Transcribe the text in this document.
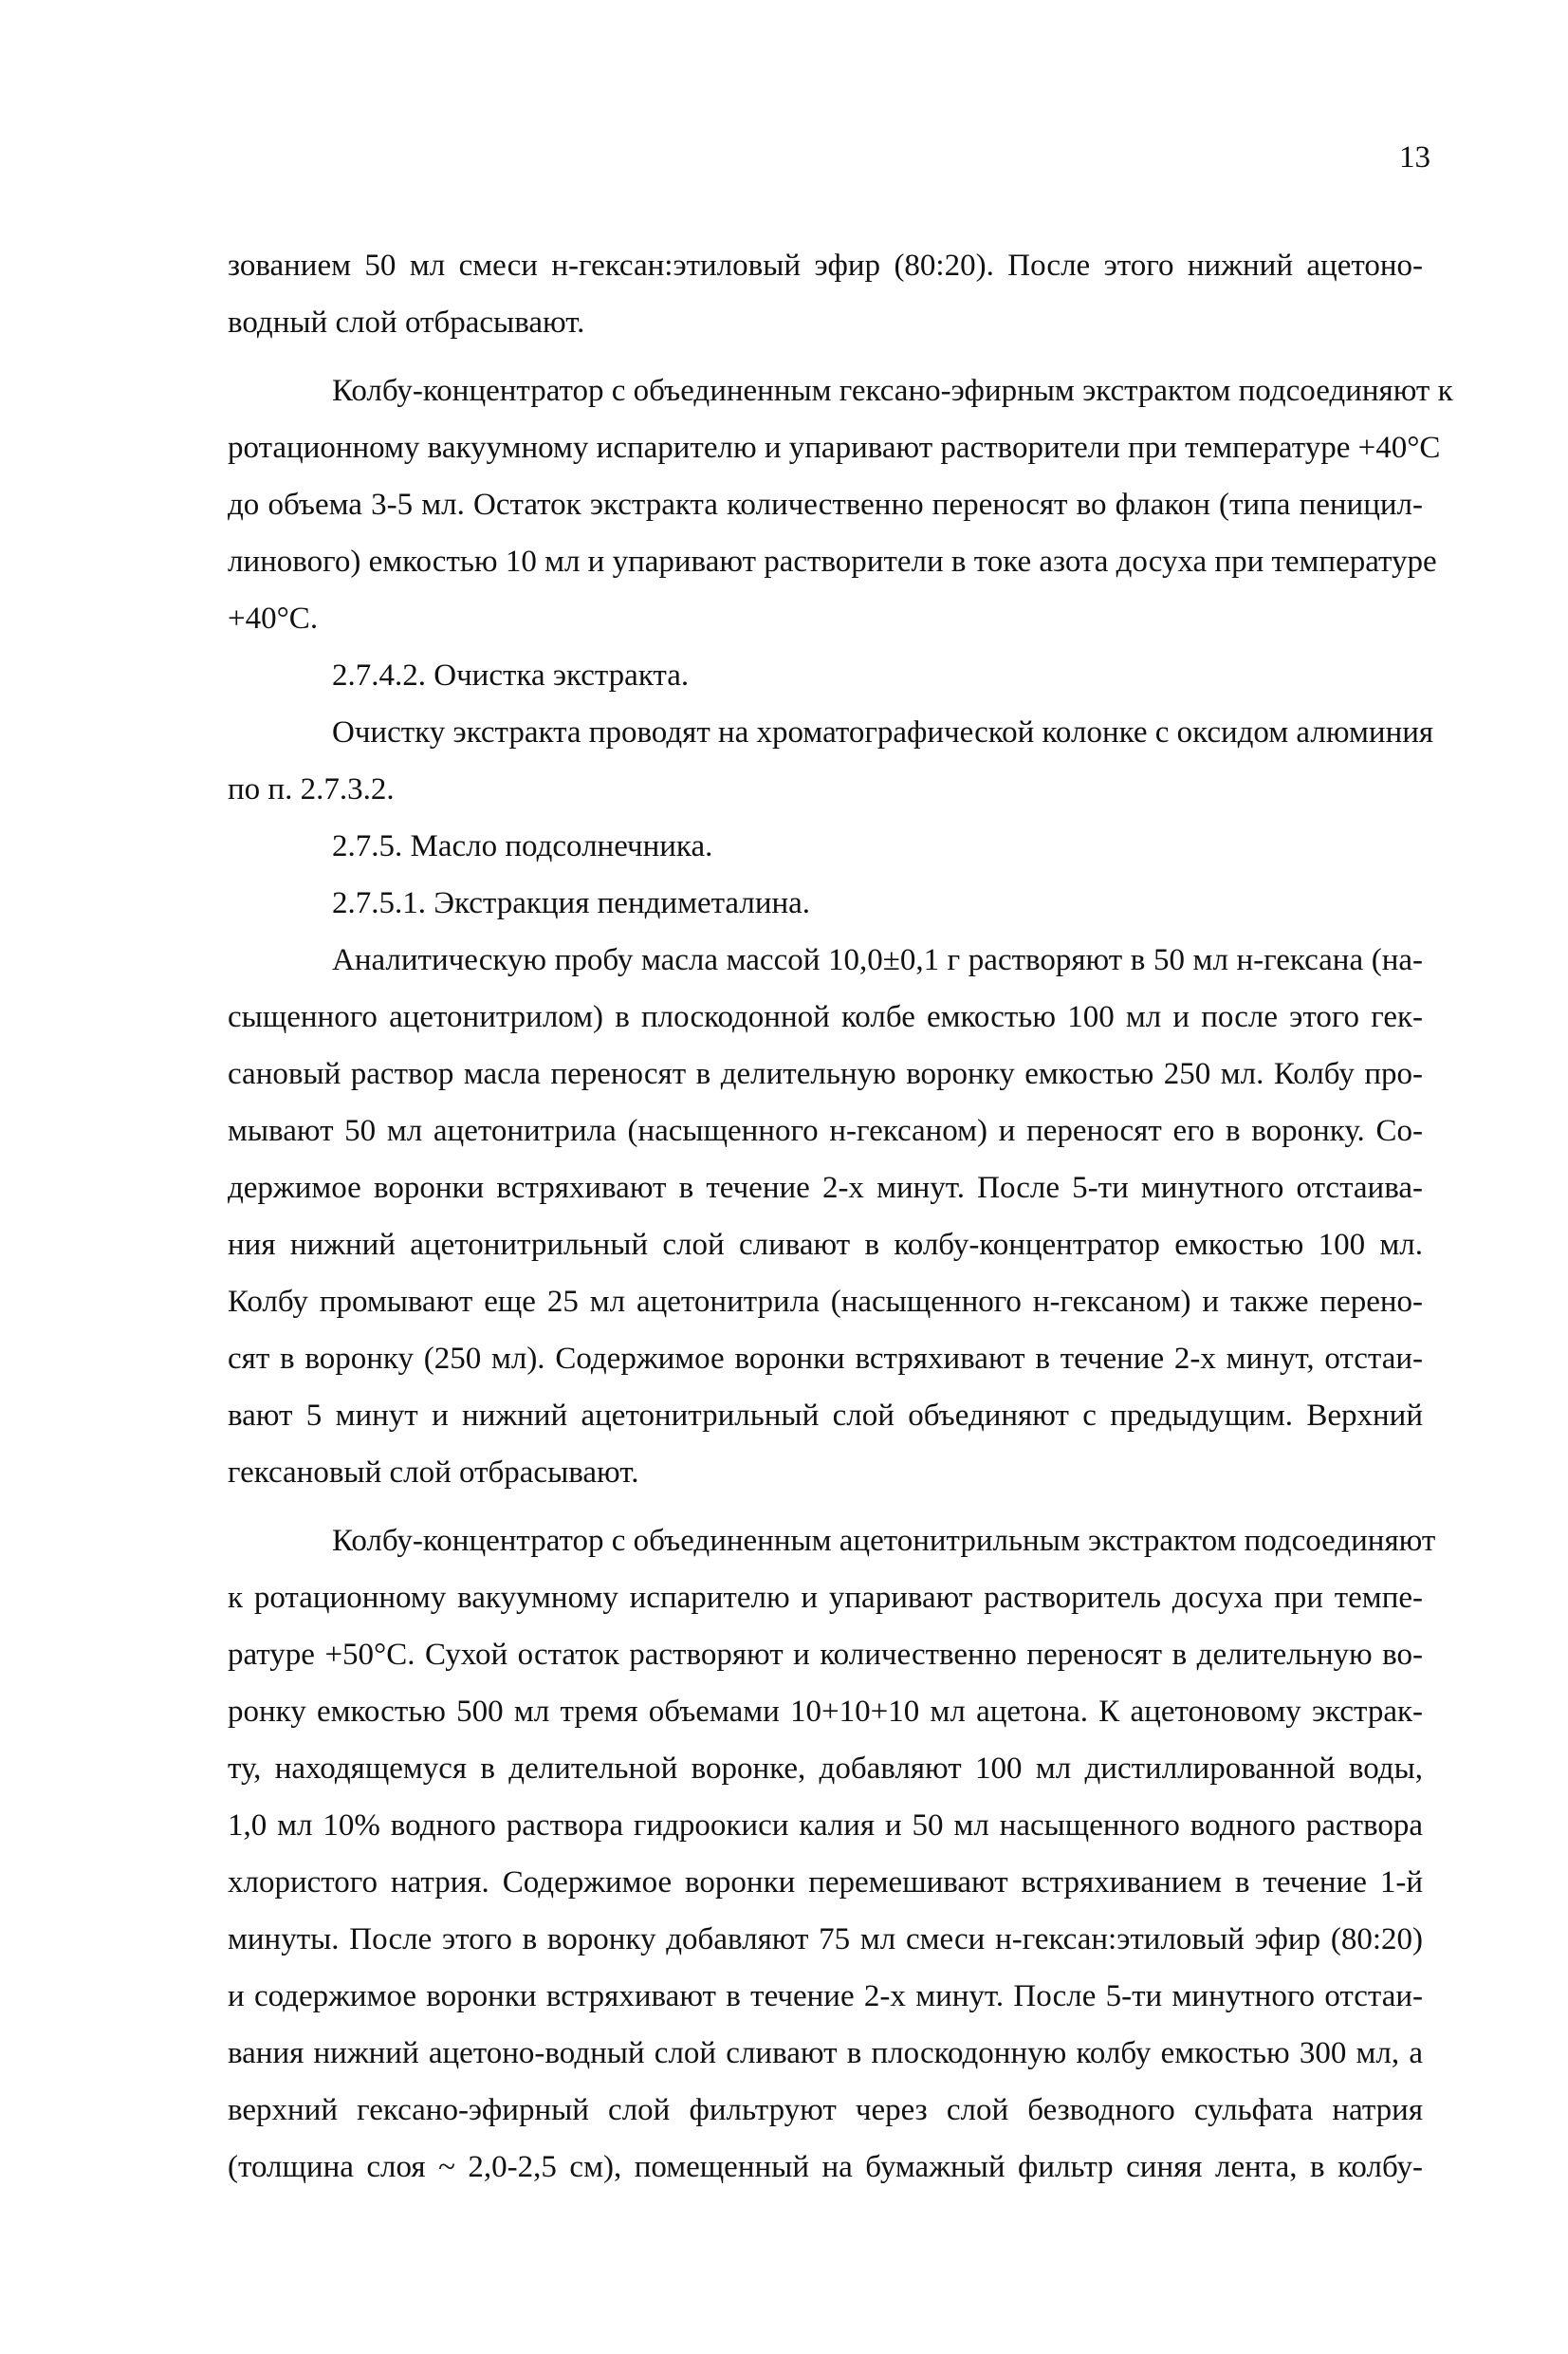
13
зованием 50 мл смеси н-гексан:этиловый эфир (80:20). После этого нижний ацетоно-
водный слой отбрасывают.
Колбу-концентратор с объединенным гексано-эфирным экстрактом подсоединяют к
ротационному вакуумному испарителю и упаривают растворители при температуре +40°С
до объема 3-5 мл. Остаток экстракта количественно переносят во флакон (типа пеницил-
линового) емкостью 10 мл и упаривают растворители в токе азота досуха при температуре
+40°С.
2.7.4.2. Очистка экстракта.
Очистку экстракта проводят на хроматографической колонке с оксидом алюминия
по п. 2.7.3.2.
2.7.5. Масло подсолнечника.
2.7.5.1. Экстракция пендиметалина.
Аналитическую пробу масла массой 10,0±0,1 г растворяют в 50 мл н-гексана (на-
сыщенного ацетонитрилом) в плоскодонной колбе емкостью 100 мл и после этого гек-
сановый раствор масла переносят в делительную воронку емкостью 250 мл. Колбу про-
мывают 50 мл ацетонитрила (насыщенного н-гексаном) и переносят его в воронку. Со-
держимое воронки встряхивают в течение 2-х минут. После 5-ти минутного отстаива-
ния нижний ацетонитрильный слой сливают в колбу-концентратор емкостью 100 мл.
Колбу промывают еще 25 мл ацетонитрила (насыщенного н-гексаном) и также перено-
сят в воронку (250 мл). Содержимое воронки встряхивают в течение 2-х минут, отстаи-
вают 5 минут и нижний ацетонитрильный слой объединяют с предыдущим. Верхний
гексановый слой отбрасывают.
Колбу-концентратор с объединенным ацетонитрильным экстрактом подсоединяют
к ротационному вакуумному испарителю и упаривают растворитель досуха при темпе-
ратуре +50°С. Сухой остаток растворяют и количественно переносят в делительную во-
ронку емкостью 500 мл тремя объемами 10+10+10 мл ацетона. К ацетоновому экстрак-
ту, находящемуся в делительной воронке, добавляют 100 мл дистиллированной воды,
1,0 мл 10% водного раствора гидроокиси калия и 50 мл насыщенного водного раствора
хлористого натрия. Содержимое воронки перемешивают встряхиванием в течение 1-й
минуты. После этого в воронку добавляют 75 мл смеси н-гексан:этиловый эфир (80:20)
и содержимое воронки встряхивают в течение 2-х минут. После 5-ти минутного отстаи-
вания нижний ацетоно-водный слой сливают в плоскодонную колбу емкостью 300 мл, а
верхний гексано-эфирный слой фильтруют через слой безводного сульфата натрия
(толщина слоя ~ 2,0-2,5 см), помещенный на бумажный фильтр синяя лента, в колбу-
